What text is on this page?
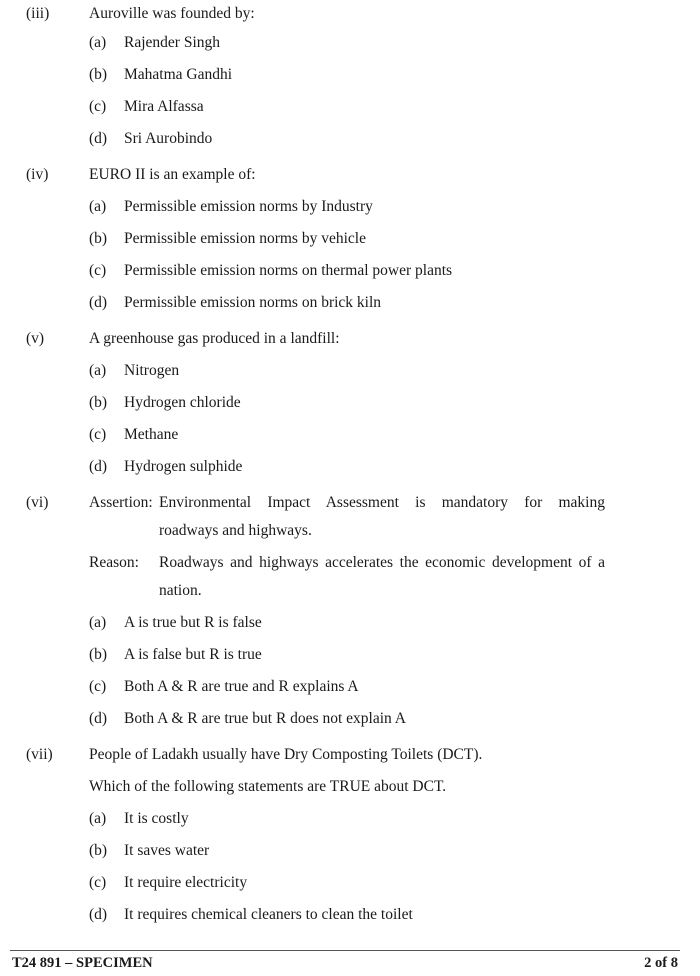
(iii)	Auroville was founded by:
(a) Rajender Singh
(b) Mahatma Gandhi
(c) Mira Alfassa
(d) Sri Aurobindo
(iv)	EURO II is an example of:
(a) Permissible emission norms by Industry
(b) Permissible emission norms by vehicle
(c) Permissible emission norms on thermal power plants
(d) Permissible emission norms on brick kiln
(v)	A greenhouse gas produced in a landfill:
(a) Nitrogen
(b) Hydrogen chloride
(c) Methane
(d) Hydrogen sulphide
(vi)	Assertion: Environmental Impact Assessment is mandatory for making
roadways and highways.
Reason: Roadways and highways accelerates the economic development of a
nation.
(a) A is true but R is false
(b) A is false but R is true
(c) Both A & R are true and R explains A
(d) Both A & R are true but R does not explain A
(vii) People of Ladakh usually have Dry Composting Toilets (DCT).
Which of the following statements are TRUE about DCT.
(a) It is costly
(b) It saves water
(c) It require electricity
(d) It requires chemical cleaners to clean the toilet
T24 891 – SPECIMEN	2 of 8
